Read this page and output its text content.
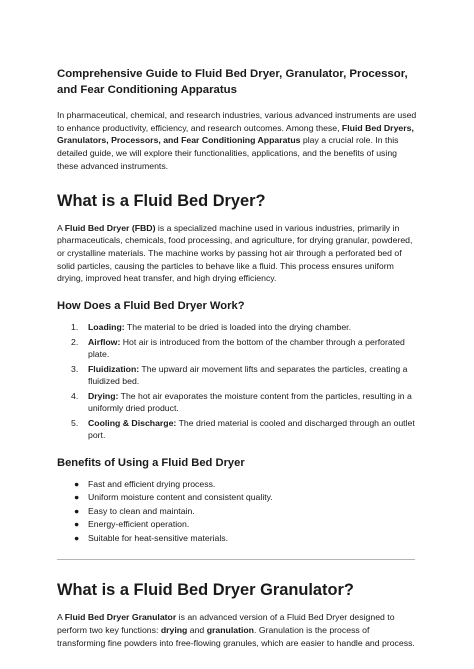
Comprehensive Guide to Fluid Bed Dryer, Granulator, Processor, and Fear Conditioning Apparatus

In pharmaceutical, chemical, and research industries, various advanced instruments are used to enhance productivity, efficiency, and research outcomes. Among these, Fluid Bed Dryers, Granulators, Processors, and Fear Conditioning Apparatus play a crucial role. In this detailed guide, we will explore their functionalities, applications, and the benefits of using these advanced instruments.

What is a Fluid Bed Dryer?

A Fluid Bed Dryer (FBD) is a specialized machine used in various industries, primarily in pharmaceuticals, chemicals, food processing, and agriculture, for drying granular, powdered, or crystalline materials. The machine works by passing hot air through a perforated bed of solid particles, causing the particles to behave like a fluid. This process ensures uniform drying, improved heat transfer, and high drying efficiency.

How Does a Fluid Bed Dryer Work?
1. Loading: The material to be dried is loaded into the drying chamber.
2. Airflow: Hot air is introduced from the bottom of the chamber through a perforated plate.
3. Fluidization: The upward air movement lifts and separates the particles, creating a fluidized bed.
4. Drying: The hot air evaporates the moisture content from the particles, resulting in a uniformly dried product.
5. Cooling & Discharge: The dried material is cooled and discharged through an outlet port.
Benefits of Using a Fluid Bed Dryer
● Fast and efficient drying process.
● Uniform moisture content and consistent quality.
● Easy to clean and maintain.
● Energy-efficient operation.
● Suitable for heat-sensitive materials.
What is a Fluid Bed Dryer Granulator?

A Fluid Bed Dryer Granulator is an advanced version of a Fluid Bed Dryer designed to perform two key functions: drying and granulation. Granulation is the process of transforming fine powders into free-flowing granules, which are easier to handle and process.
